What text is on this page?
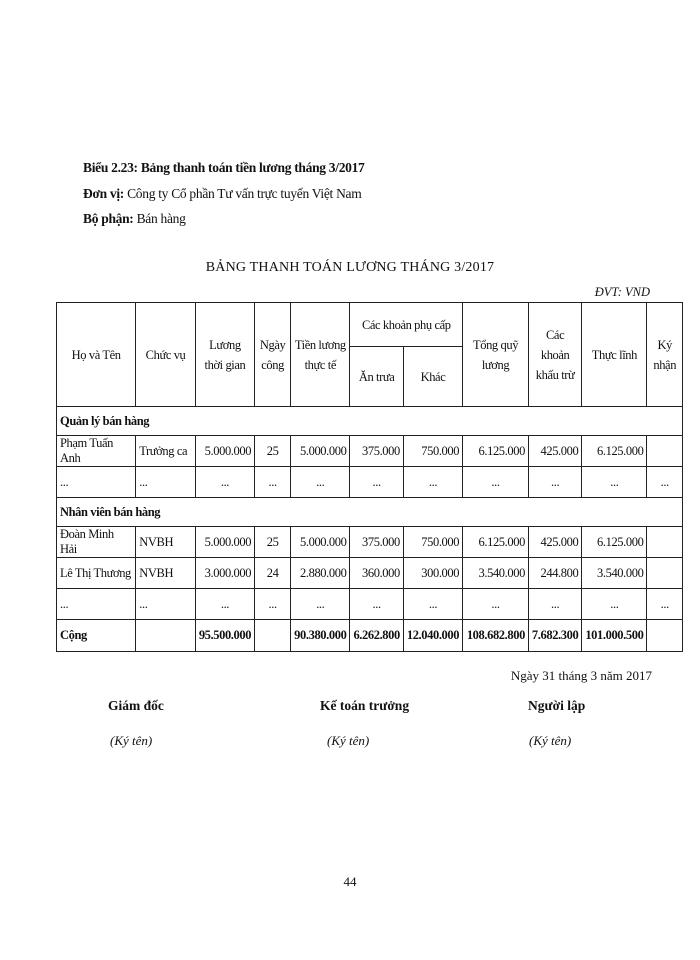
Biểu 2.23: Bảng thanh toán tiền lương tháng 3/2017
Đơn vị: Công ty Cổ phần Tư vấn trực tuyến Việt Nam
Bộ phận: Bán hàng
BẢNG THANH TOÁN LƯƠNG THÁNG 3/2017
ĐVT: VND
Họ và Tên	Chức vụ	Lương thời gian	Ngày công	Tiền lương thực tế	Các khoản phụ cấp		Tổng quỹ lương	Các khoản khấu trừ	Thực lĩnh	Ký nhận
					Ăn trưa	Khác				
Quản lý bán hàng										
Phạm Tuấn Anh	Trưởng ca	5.000.000	25	5.000.000	375.000	750.000	6.125.000	425.000	6.125.000	
...	...	...	...	...	...	...	...	...	...	...
Nhân viên bán hàng										
Đoàn Minh Hải	NVBH	5.000.000	25	5.000.000	375.000	750.000	6.125.000	425.000	6.125.000	
Lê Thị Thương	NVBH	3.000.000	24	2.880.000	360.000	300.000	3.540.000	244.800	3.540.000	
...	...	...	...	...	...	...	...	...	...	...
Cộng		95.500.000		90.380.000	6.262.800	12.040.000	108.682.800	7.682.300	101.000.500	
Ngày 31 tháng 3 năm 2017
Giám đốc	Kế toán trưởng	Người lập
(Ký tên)	(Ký tên)	(Ký tên)
44
